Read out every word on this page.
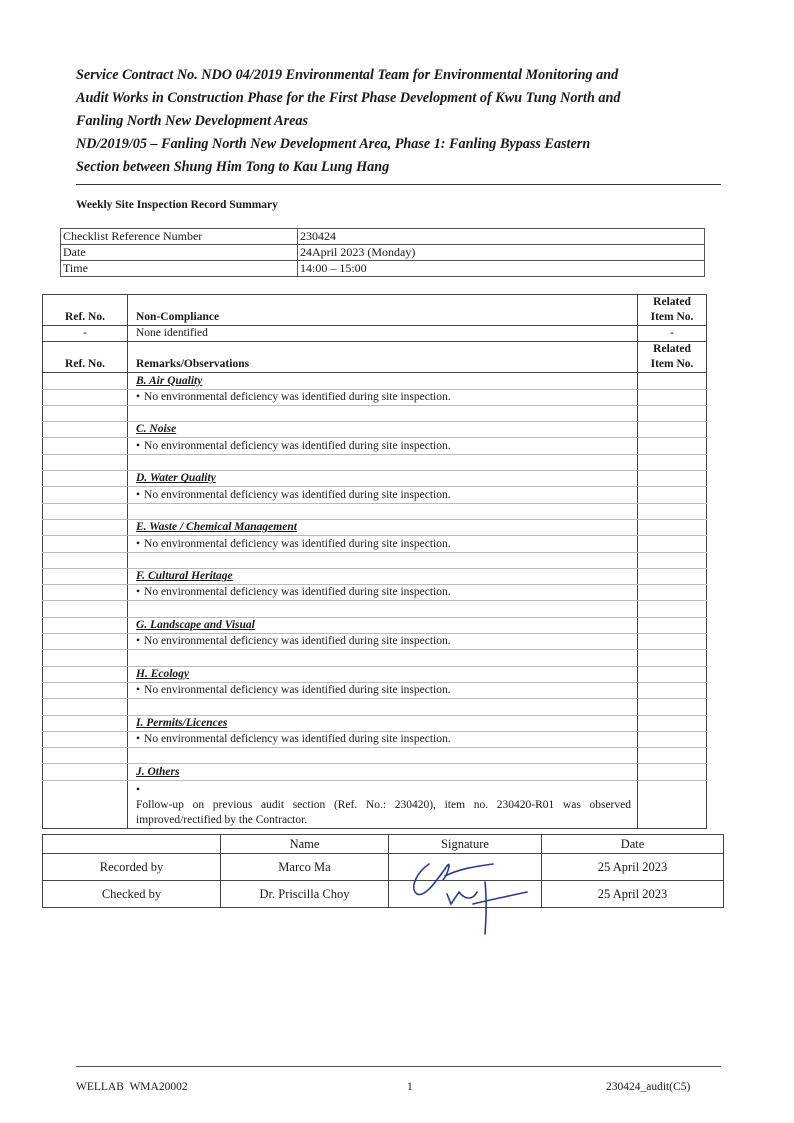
Service Contract No. NDO 04/2019 Environmental Team for Environmental Monitoring and
Audit Works in Construction Phase for the First Phase Development of Kwu Tung North and
Fanling North New Development Areas
ND/2019/05 – Fanling North New Development Area, Phase 1: Fanling Bypass Eastern
Section between Shung Him Tong to Kau Lung Hang
Weekly Site Inspection Record Summary
Checklist Reference Number	230424
Date	24April 2023 (Monday)
Time	14:00 – 15:00
Ref. No.	Non-Compliance	Related
Item No.

-	None identified	-
Ref. No.	Remarks/Observations	Related
Item No.

	B. Air Quality	
	• No environmental deficiency was identified during site inspection.	

	C. Noise	
	• No environmental deficiency was identified during site inspection.	

	D. Water Quality	
	• No environmental deficiency was identified during site inspection.	

	E. Waste / Chemical Management	
	• No environmental deficiency was identified during site inspection.	

	F. Cultural Heritage	
	• No environmental deficiency was identified during site inspection.	

	G. Landscape and Visual	
	• No environmental deficiency was identified during site inspection.	

	H. Ecology	
	• No environmental deficiency was identified during site inspection.	

	I. Permits/Licences	
	• No environmental deficiency was identified during site inspection.	

	J. Others	
	•Follow-up on previous audit section (Ref. No.: 230420), item no. 230420-R01 was observed improved/rectified by the Contractor.	
	Name	Signature	Date
Recorded by	Marco Ma		25 April 2023
Checked by	Dr. Priscilla Choy		25 April 2023
WELLAB  WMA20002	1	230424_audit(C5)
